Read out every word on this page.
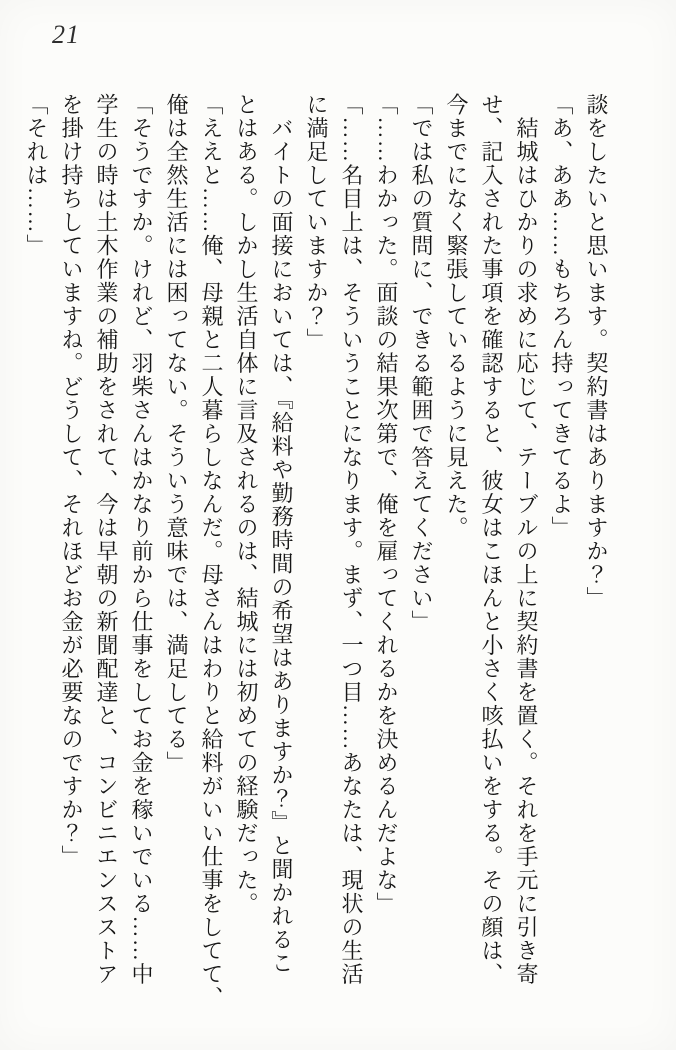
21

談をしたいと思います。契約書はありますか？」

「あ、ああ……もちろん持ってきてるよ」

　結城はひかりの求めに応じて、テーブルの上に契約書を置く。それを手元に引き寄

せ、記入された事項を確認すると、彼女はこほんと小さく咳払いをする。その顔は、

今までになく緊張しているように見えた。

「では私の質問に、できる範囲で答えてください」

「……わかった。面談の結果次第で、俺を雇ってくれるかを決めるんだよな」

「……名目上は、そういうことになります。まず、一つ目……あなたは、現状の生活

に満足していますか？」

　バイトの面接においては、『給料や勤務時間の希望はありますか？』と聞かれるこ

とはある。しかし生活自体に言及されるのは、結城には初めての経験だった。

「ええと……俺、母親と二人暮らしなんだ。母さんはわりと給料がいい仕事をしてて、

俺は全然生活には困ってない。そういう意味では、満足してる」

「そうですか。けれど、羽柴さんはかなり前から仕事をしてお金を稼いでいる……中

学生の時は土木作業の補助をされて、今は早朝の新聞配達と、コンビニエンスストア

を掛け持ちしていますね。どうして、それほどお金が必要なのですか？」

「それは……」
